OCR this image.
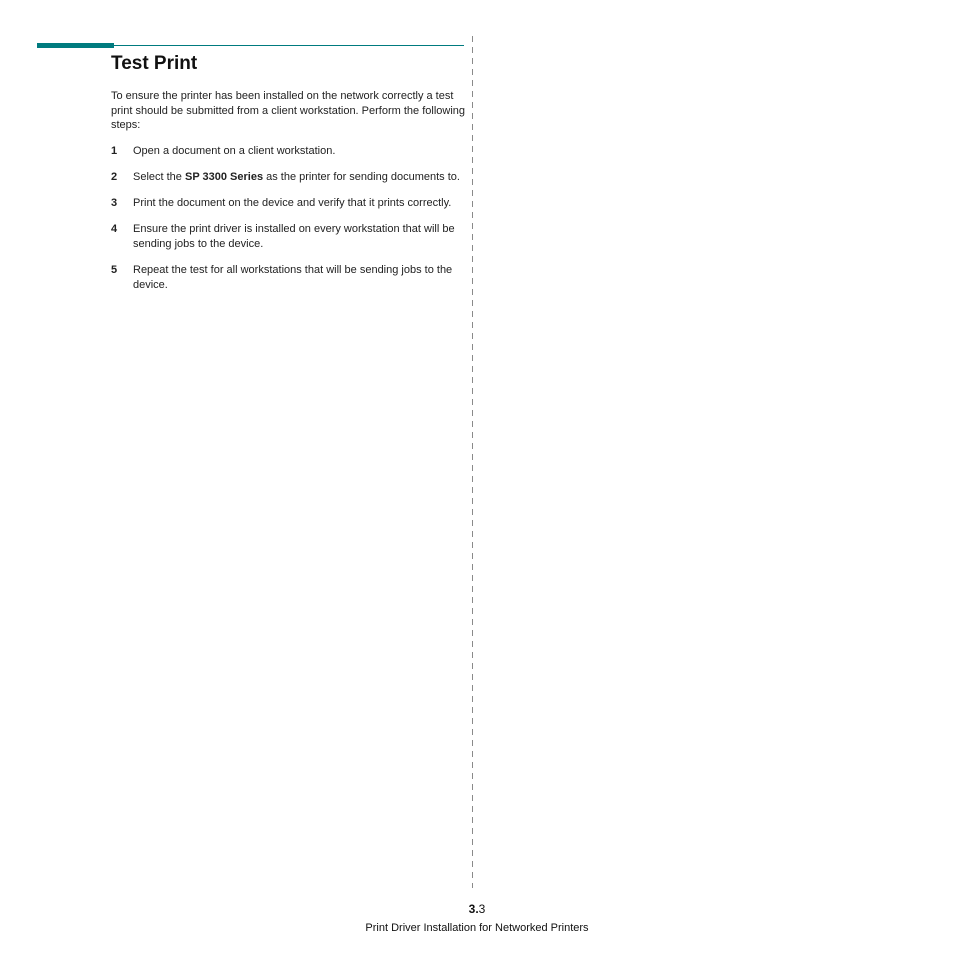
Test Print

To ensure the printer has been installed on the network correctly a test print should be submitted from a client workstation. Perform the following steps:

1 Open a document on a client workstation.
2 Select the SP 3300 Series as the printer for sending documents to.
3 Print the document on the device and verify that it prints correctly.
4 Ensure the print driver is installed on every workstation that will be sending jobs to the device.
5 Repeat the test for all workstations that will be sending jobs to the device.
3.3
Print Driver Installation for Networked Printers
